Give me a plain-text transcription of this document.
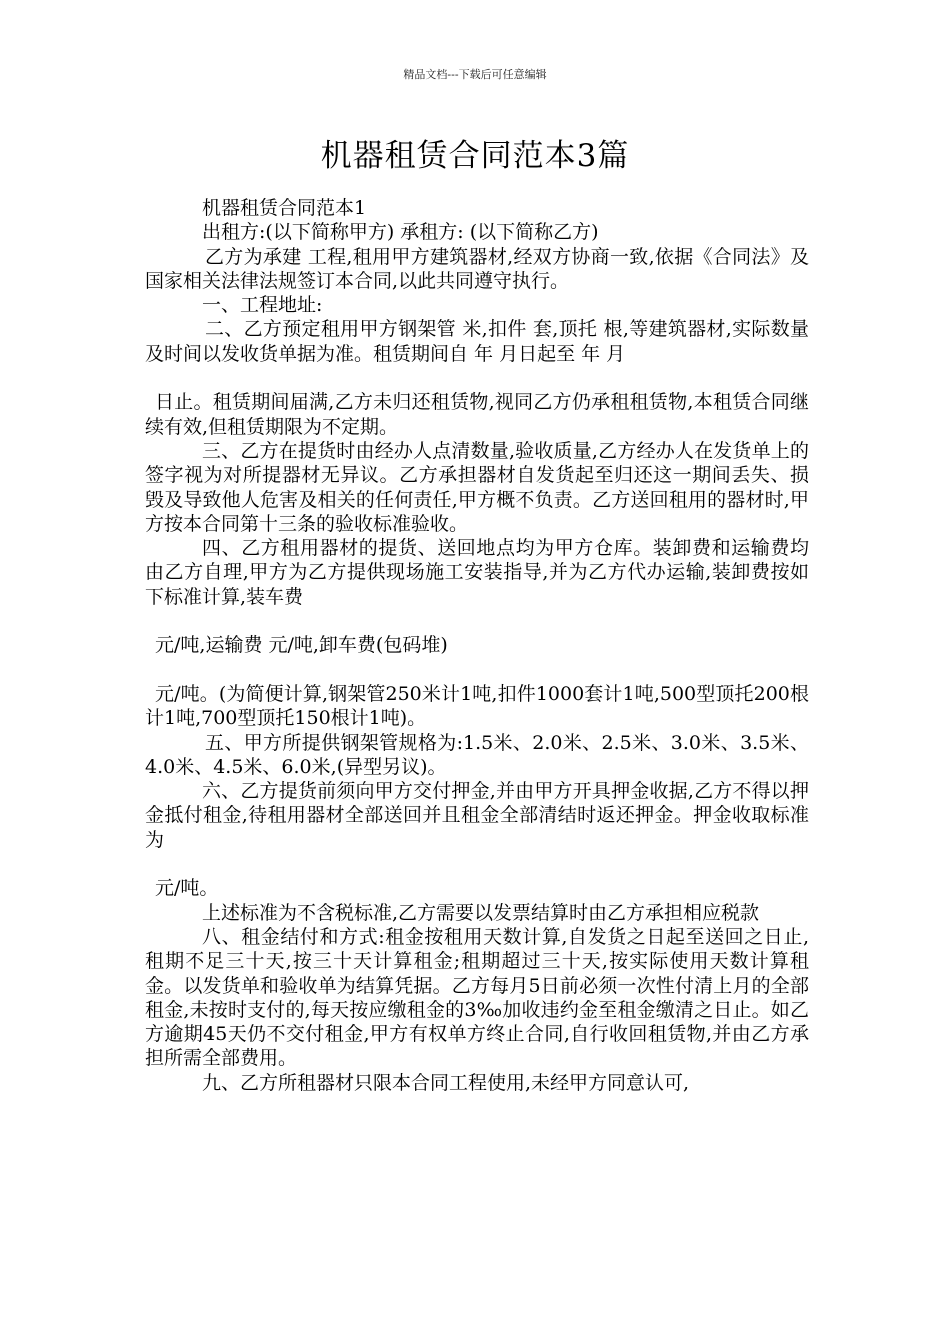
精品文档---下载后可任意编辑
机器租赁合同范本3篇

机器租赁合同范本1

出租方:(以下简称甲方) 承租方: (以下简称乙方)

乙方为承建 工程,租用甲方建筑器材,经双方协商一致,依据《合同法》及国家相关法律法规签订本合同,以此共同遵守执行。

一、工程地址:

二、乙方预定租用甲方钢架管 米,扣件 套,顶托 根,等建筑器材,实际数量及时间以发收货单据为准。租赁期间自 年 月日起至 年 月

日止。租赁期间届满,乙方未归还租赁物,视同乙方仍承租租赁物,本租赁合同继续有效,但租赁期限为不定期。

三、乙方在提货时由经办人点清数量,验收质量,乙方经办人在发货单上的签字视为对所提器材无异议。乙方承担器材自发货起至归还这一期间丢失、损毁及导致他人危害及相关的任何责任,甲方概不负责。乙方送回租用的器材时,甲方按本合同第十三条的验收标准验收。

四、乙方租用器材的提货、送回地点均为甲方仓库。装卸费和运输费均由乙方自理,甲方为乙方提供现场施工安装指导,并为乙方代办运输,装卸费按如下标准计算,装车费

元/吨,运输费 元/吨,卸车费(包码堆)

元/吨。(为简便计算,钢架管250米计1吨,扣件1000套计1吨,500型顶托200根计1吨,700型顶托150根计1吨)。

五、甲方所提供钢架管规格为:1.5米、2.0米、2.5米、3.0米、3.5米、4.0米、4.5米、6.0米,(异型另议)。

六、乙方提货前须向甲方交付押金,并由甲方开具押金收据,乙方不得以押金抵付租金,待租用器材全部送回并且租金全部清结时返还押金。押金收取标准为

元/吨。

上述标准为不含税标准,乙方需要以发票结算时由乙方承担相应税款

八、租金结付和方式:租金按租用天数计算,自发货之日起至送回之日止,租期不足三十天,按三十天计算租金;租期超过三十天,按实际使用天数计算租金。以发货单和验收单为结算凭据。乙方每月5日前必须一次性付清上月的全部租金,未按时支付的,每天按应缴租金的3‰加收违约金至租金缴清之日止。如乙方逾期45天仍不交付租金,甲方有权单方终止合同,自行收回租赁物,并由乙方承担所需全部费用。

九、乙方所租器材只限本合同工程使用,未经甲方同意认可,
